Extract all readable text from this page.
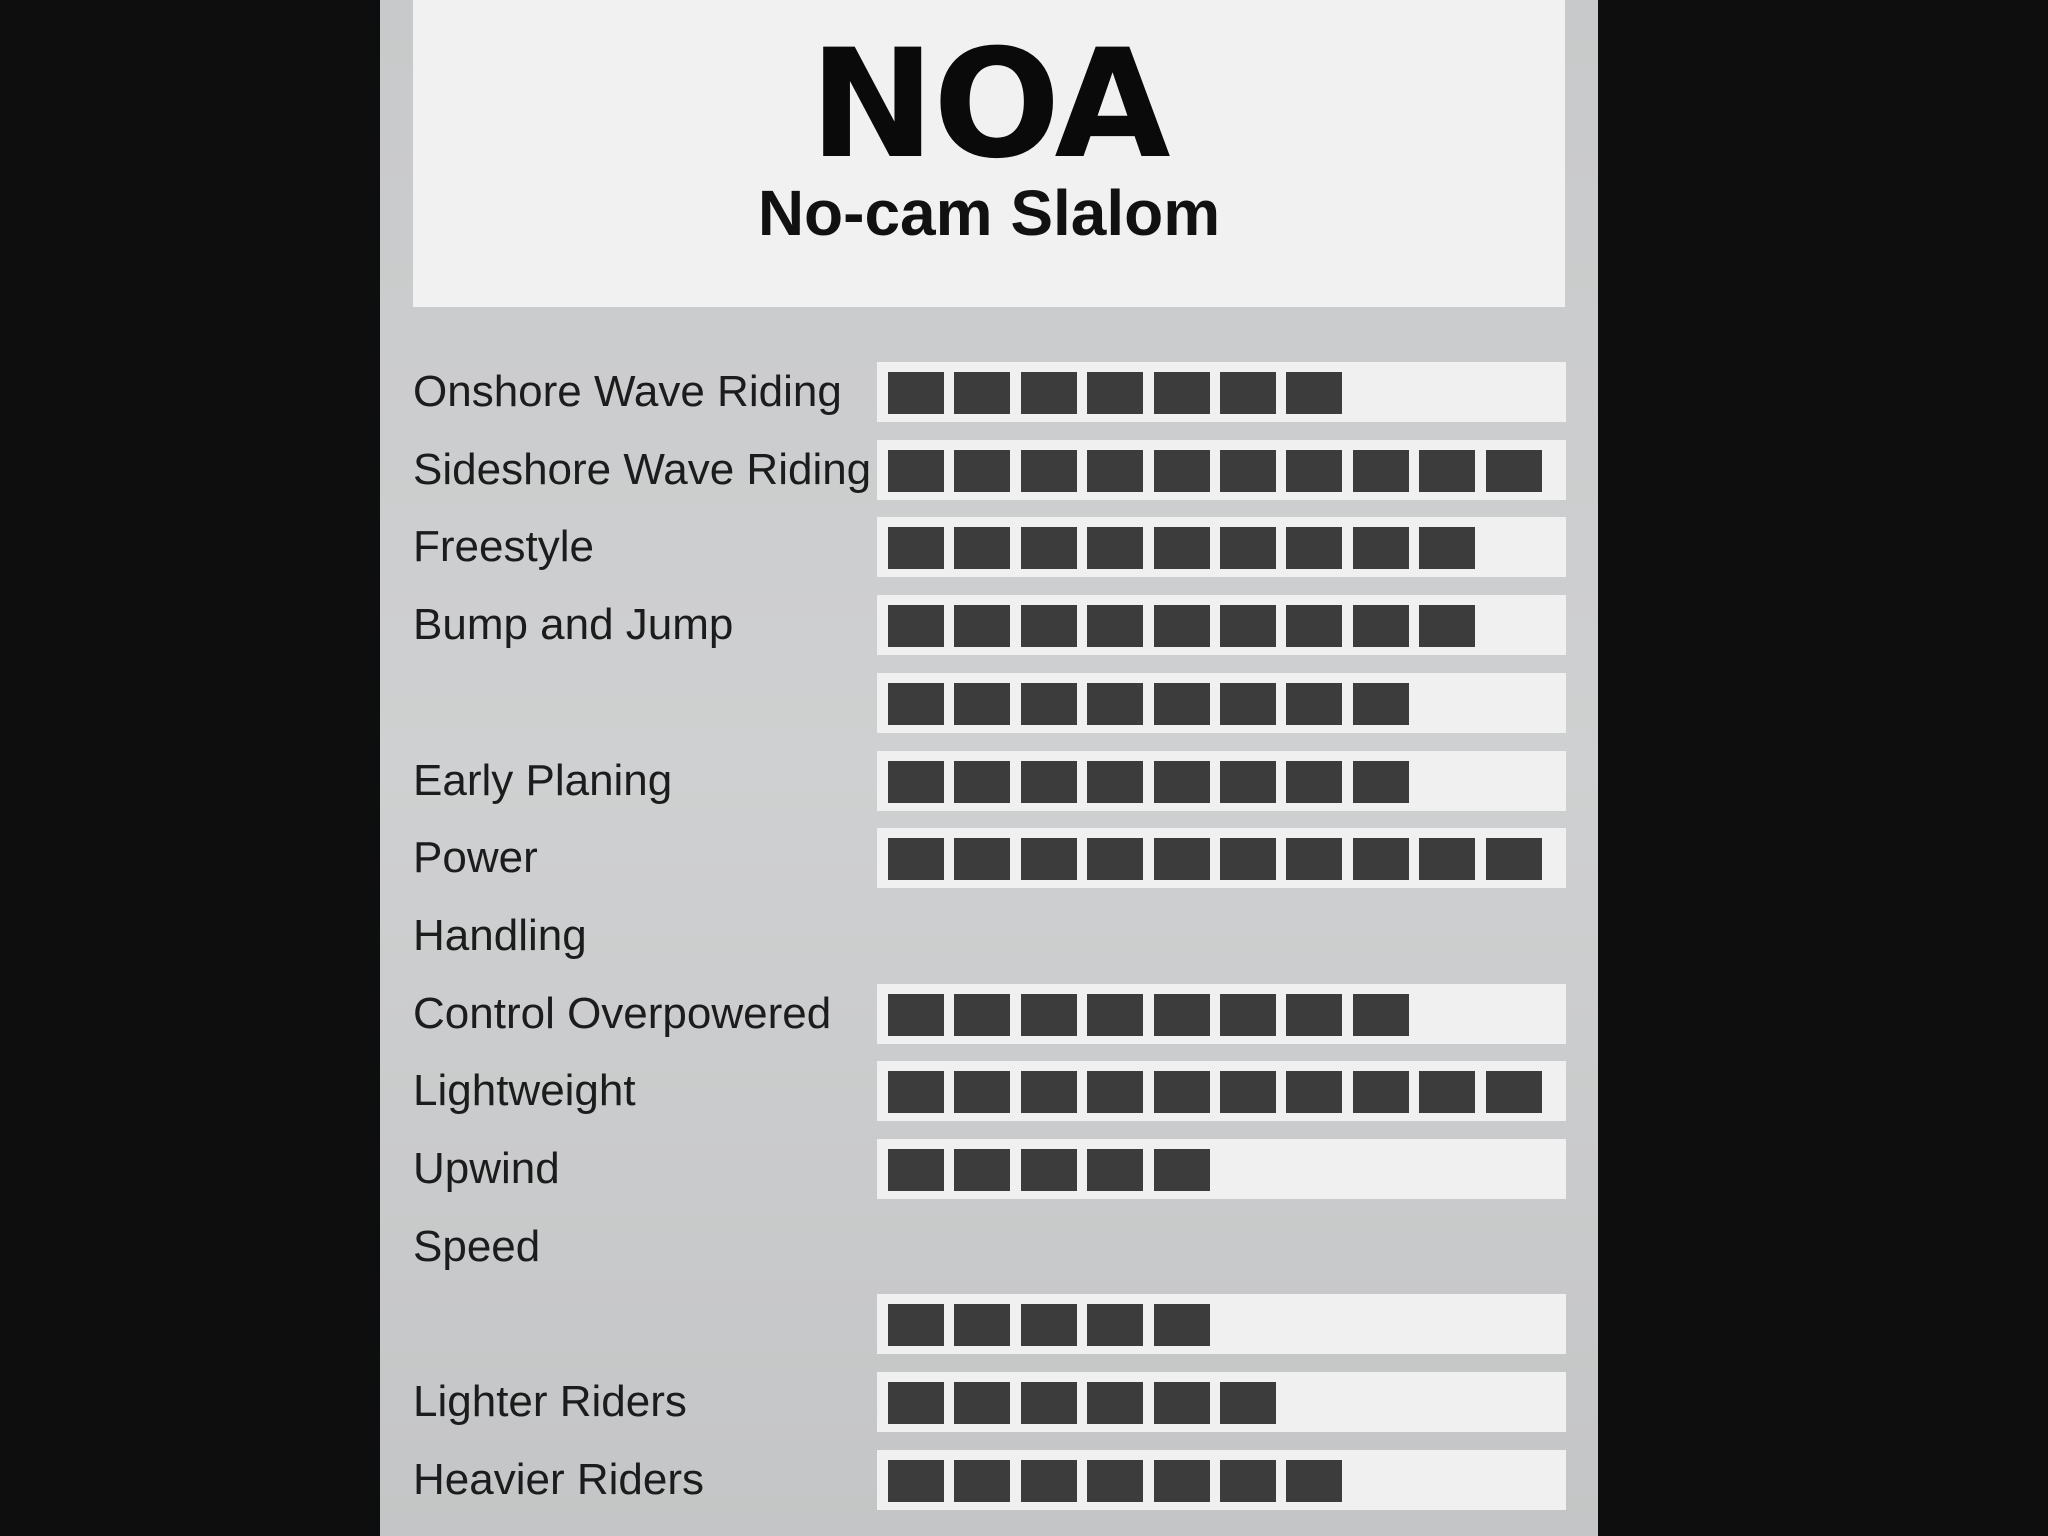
NOA
No-cam Slalom
Onshore Wave Riding
Sideshore Wave Riding
Freestyle
Bump and Jump
Early Planing
Power
Handling
Control Overpowered
Lightweight
Upwind
Speed
Lighter Riders
Heavier Riders
